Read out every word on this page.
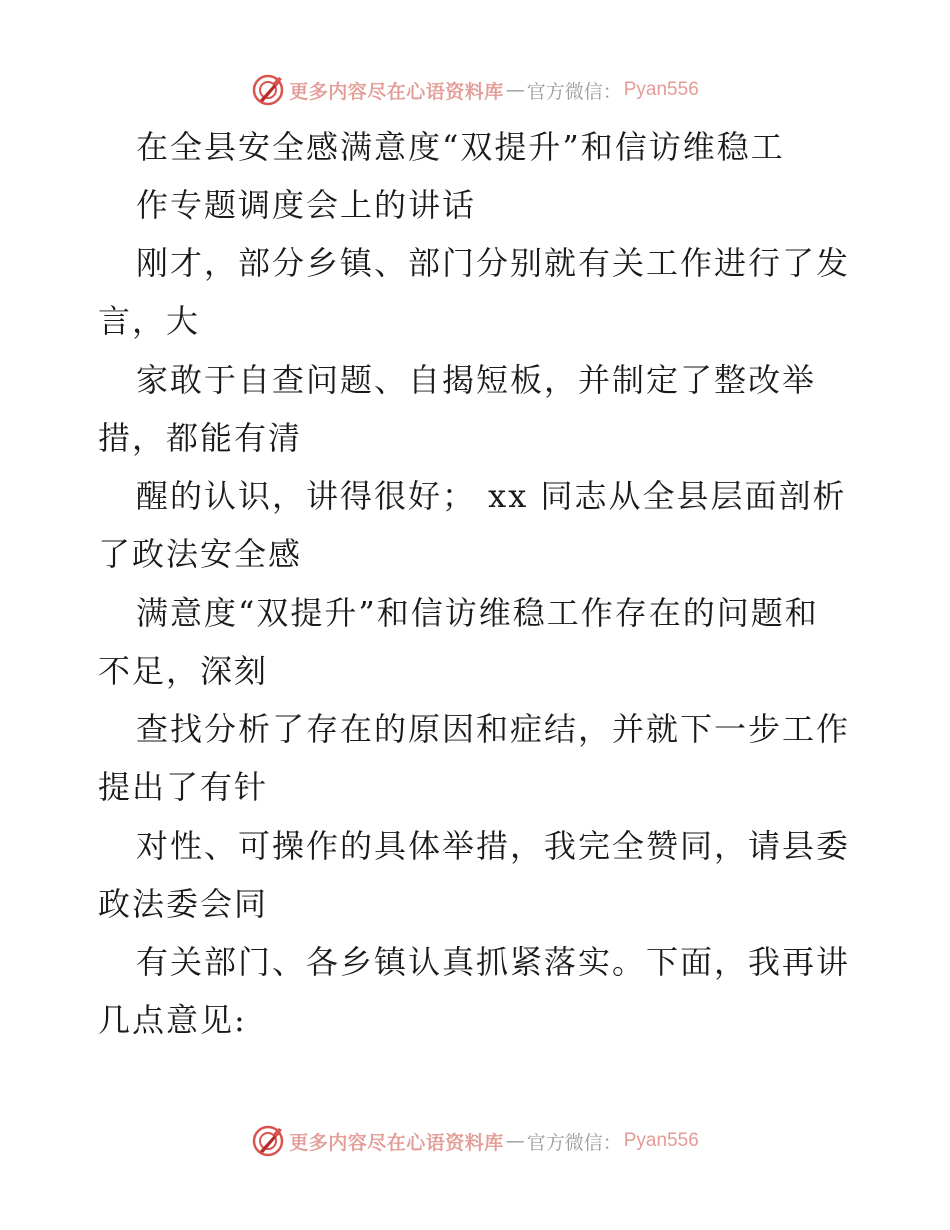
更多内容尽在心语资料库 — 官方微信： Pyan556
在全县安全感满意度“双提升”和信访维稳工
作专题调度会上的讲话
刚才，部分乡镇、部门分别就有关工作进行了发
言，大
家敢于自查问题、自揭短板，并制定了整改举
措，都能有清
醒的认识，讲得很好； xx 同志从全县层面剖析
了政法安全感
满意度“双提升”和信访维稳工作存在的问题和
不足，深刻
查找分析了存在的原因和症结，并就下一步工作
提出了有针
对性、可操作的具体举措，我完全赞同，请县委
政法委会同
有关部门、各乡镇认真抓紧落实。下面，我再讲
几点意见:
更多内容尽在心语资料库 — 官方微信： Pyan556
